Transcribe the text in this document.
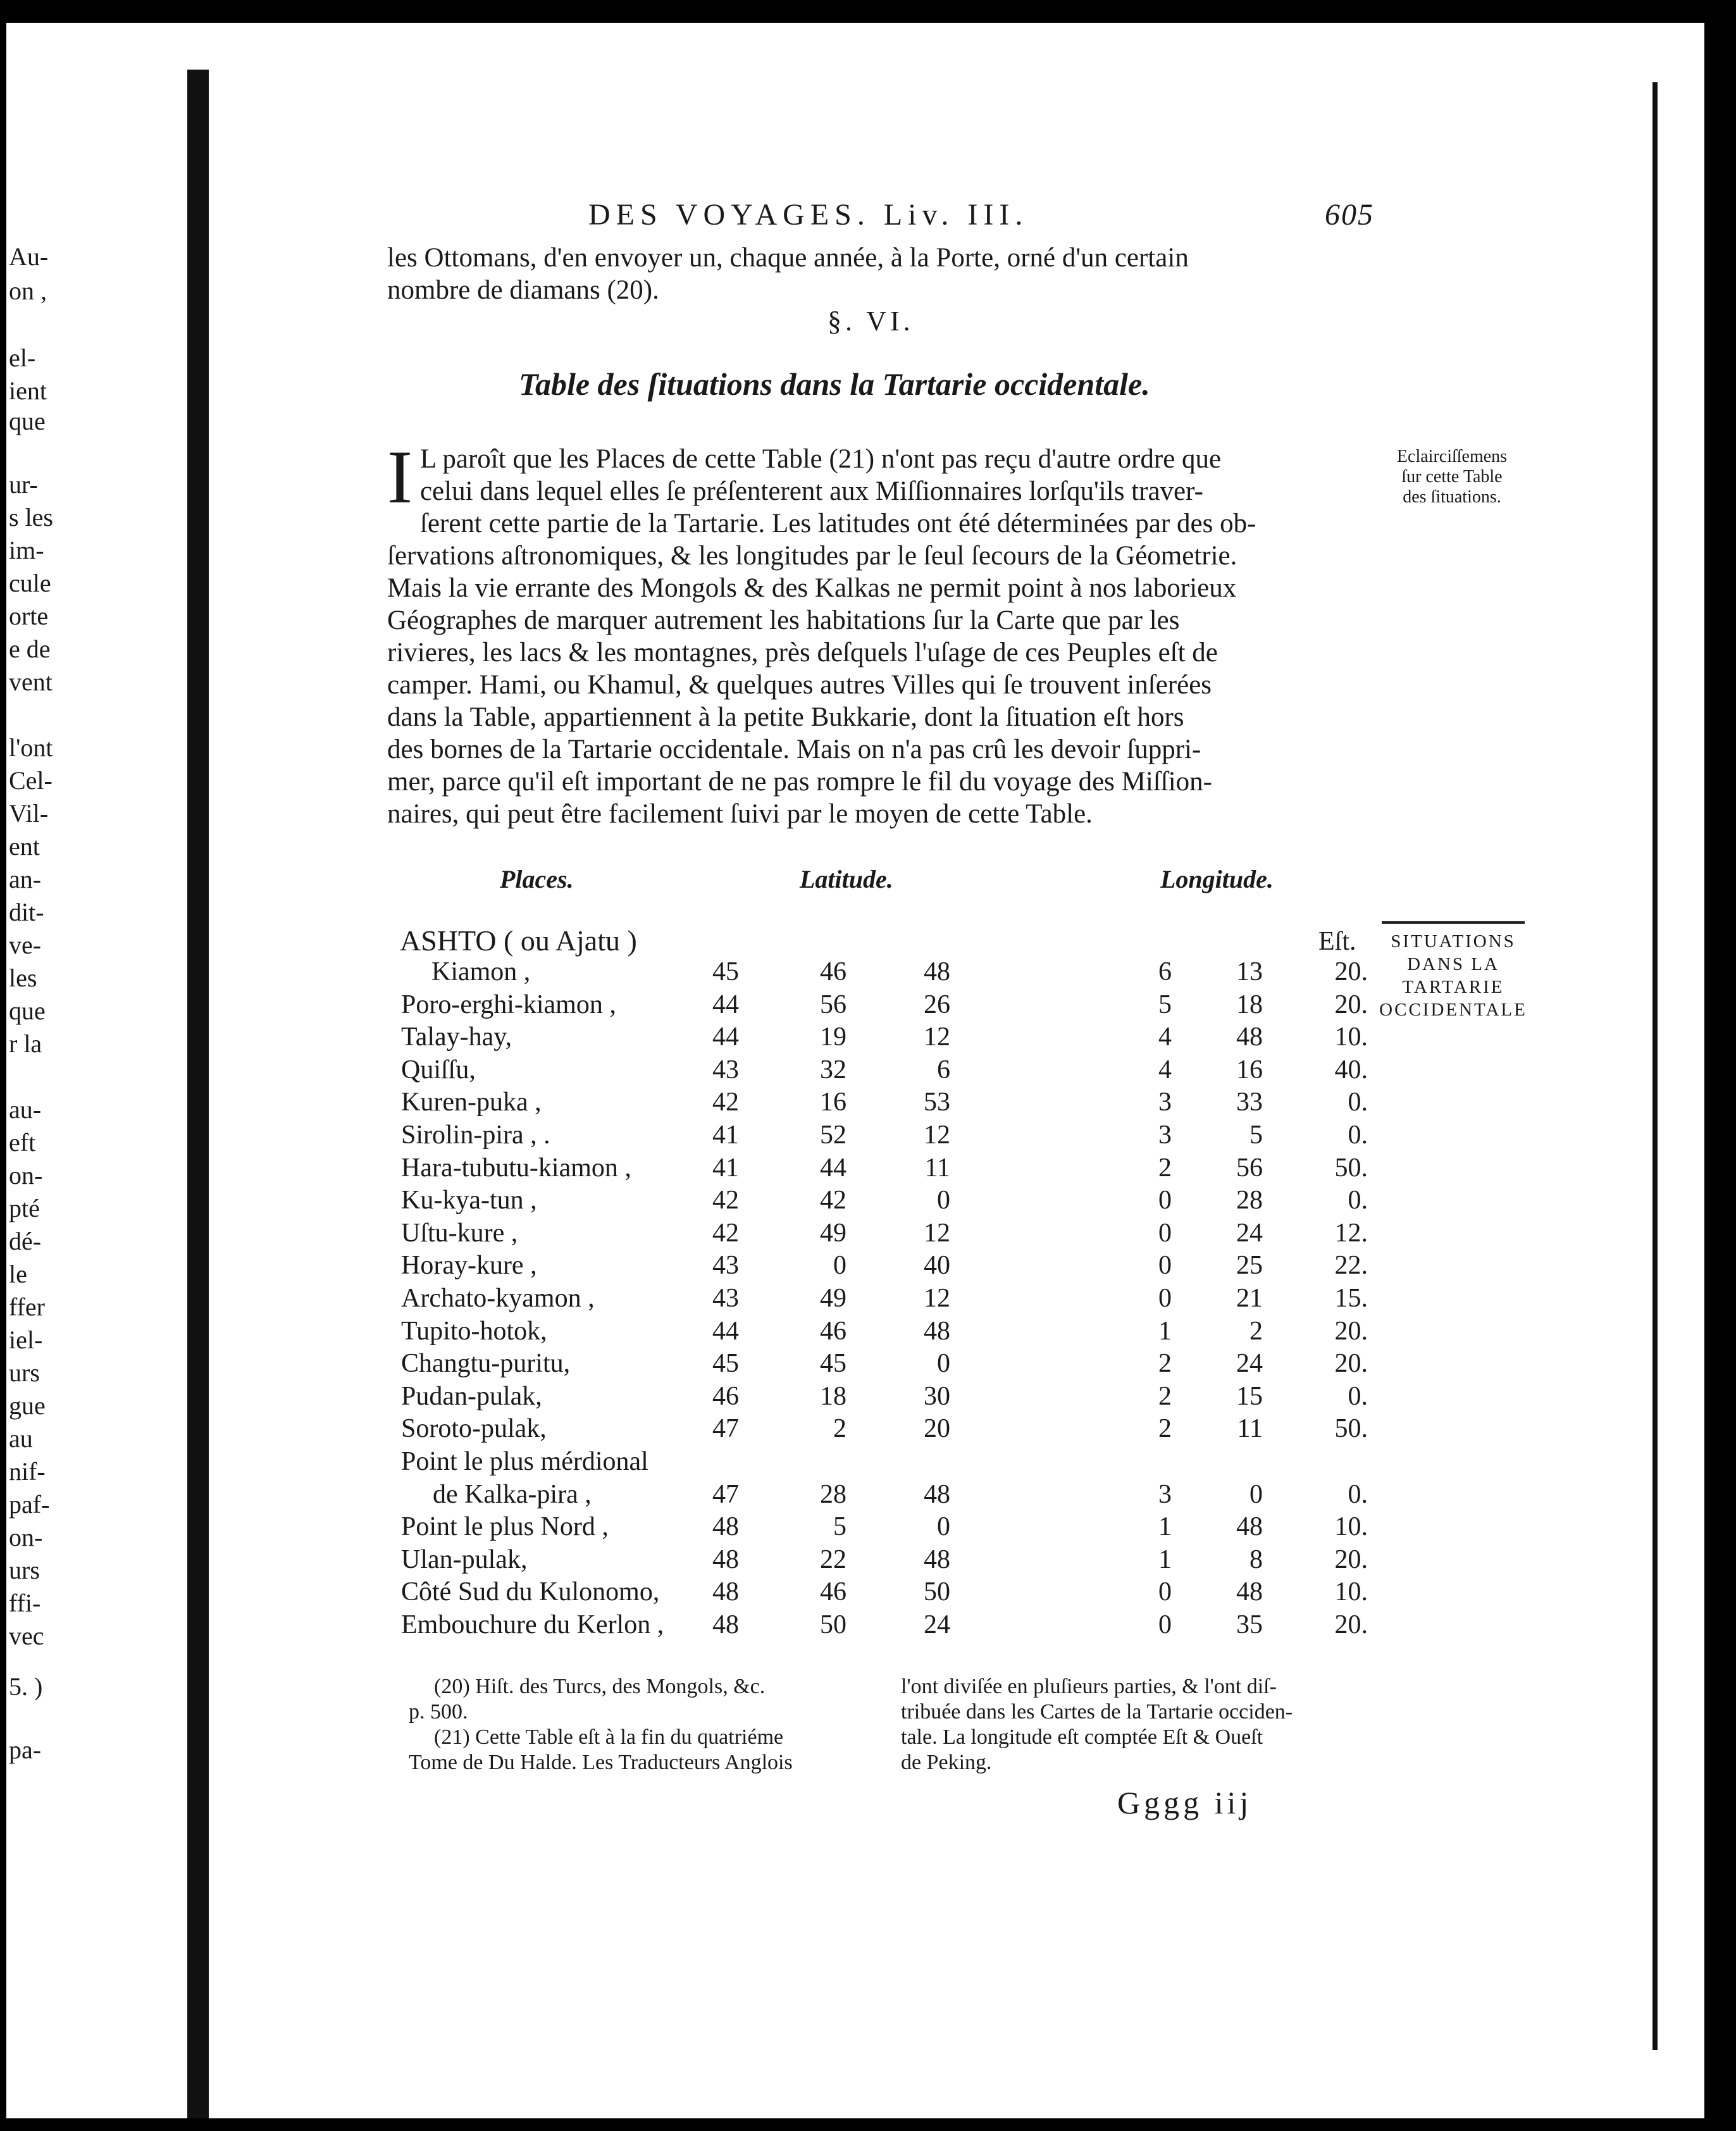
Au-
on ,
el-
ient
que
ur-
s les
im-
cule
orte
e de
vent
l'ont
Cel-
Vil-
ent
an-
dit-
ve-
les
que
r la
au-
eft
on-
pté
dé-
le
ffer
iel-
urs
gue
au
nif-
paf-
on-
urs
ffi-
vec
5. )
pa-
DES VOYAGES. Liv. III.	605
les Ottomans, d'en envoyer un, chaque année, à la Porte, orné d'un certain
nombre de diamans (20).
§. VI.
Table des ſituations dans la Tartarie occidentale.
I L paroît que les Places de cette Table (21) n'ont pas reçu d'autre ordre que
celui dans lequel elles ſe préſenterent aux Miſſionnaires lorſqu'ils traver-
ſerent cette partie de la Tartarie. Les latitudes ont été déterminées par des ob-
ſervations aſtronomiques, & les longitudes par le ſeul ſecours de la Géometrie.
Mais la vie errante des Mongols & des Kalkas ne permit point à nos laborieux
Géographes de marquer autrement les habitations ſur la Carte que par les
rivieres, les lacs & les montagnes, près deſquels l'uſage de ces Peuples eſt de
camper. Hami, ou Khamul, & quelques autres Villes qui ſe trouvent inſerées
dans la Table, appartiennent à la petite Bukkarie, dont la ſituation eſt hors
des bornes de la Tartarie occidentale. Mais on n'a pas crû les devoir ſuppri-
mer, parce qu'il eſt important de ne pas rompre le fil du voyage des Miſſion-
naires, qui peut être facilement ſuivi par le moyen de cette Table.
Eclairciſſemens
ſur cette Table
des ſituations.
SITUATIONS
DANS LA
TARTARIE
OCCIDENTALE
Places.	Latitude.	Longitude.
ASHTO ( ou Ajatu )	Eſt.
Kiamon ,	45	46	48	6	13	20.
Poro-erghi-kiamon ,	44	56	26	5	18	20.
Talay-hay,	44	19	12	4	48	10.
Quiſſu,	43	32	6	4	16	40.
Kuren-puka ,	42	16	53	3	33	0.
Sirolin-pira , .	41	52	12	3	5	0.
Hara-tubutu-kiamon ,	41	44	11	2	56	50.
Ku-kya-tun ,	42	42	0	0	28	0.
Uſtu-kure ,	42	49	12	0	24	12.
Horay-kure ,	43	0	40	0	25	22.
Archato-kyamon ,	43	49	12	0	21	15.
Tupito-hotok,	44	46	48	1	2	20.
Changtu-puritu,	45	45	0	2	24	20.
Pudan-pulak,	46	18	30	2	15	0.
Soroto-pulak,	47	2	20	2	11	50.
Point le plus mérdional
de Kalka-pira ,	47	28	48	3	0	0.
Point le plus Nord ,	48	5	0	1	48	10.
Ulan-pulak,	48	22	48	1	8	20.
Côté Sud du Kulonomo,	48	46	50	0	48	10.
Embouchure du Kerlon ,	48	50	24	0	35	20.
(20) Hiſt. des Turcs, des Mongols, &c.
p. 500.
(21) Cette Table eſt à la fin du quatriéme
Tome de Du Halde. Les Traducteurs Anglois
l'ont diviſée en pluſieurs parties, & l'ont diſ-
tribuée dans les Cartes de la Tartarie occiden-
tale. La longitude eſt comptée Eſt & Oueſt
de Peking.
Gggg iij
